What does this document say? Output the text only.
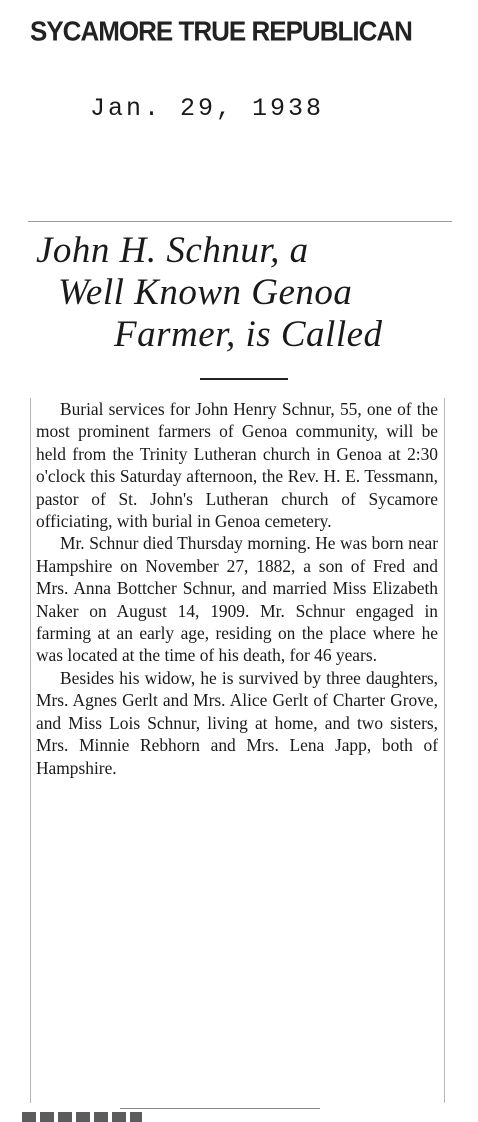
SYCAMORE TRUE REPUBLICAN
Jan. 29, 1938
John H. Schnur, a
Well Known Genoa
Farmer, is Called

Burial services for John Henry Schnur, 55, one of the most prominent farmers of Genoa community, will be held from the Trinity Lutheran church in Genoa at 2:30 o'clock this Saturday afternoon, the Rev. H. E. Tessmann, pastor of St. John's Lutheran church of Sycamore officiating, with burial in Genoa cemetery.

Mr. Schnur died Thursday morning. He was born near Hampshire on November 27, 1882, a son of Fred and Mrs. Anna Bottcher Schnur, and married Miss Elizabeth Naker on August 14, 1909. Mr. Schnur engaged in farming at an early age, residing on the place where he was located at the time of his death, for 46 years.

Besides his widow, he is survived by three daughters, Mrs. Agnes Gerlt and Mrs. Alice Gerlt of Charter Grove, and Miss Lois Schnur, living at home, and two sisters, Mrs. Minnie Rebhorn and Mrs. Lena Japp, both of Hampshire.
